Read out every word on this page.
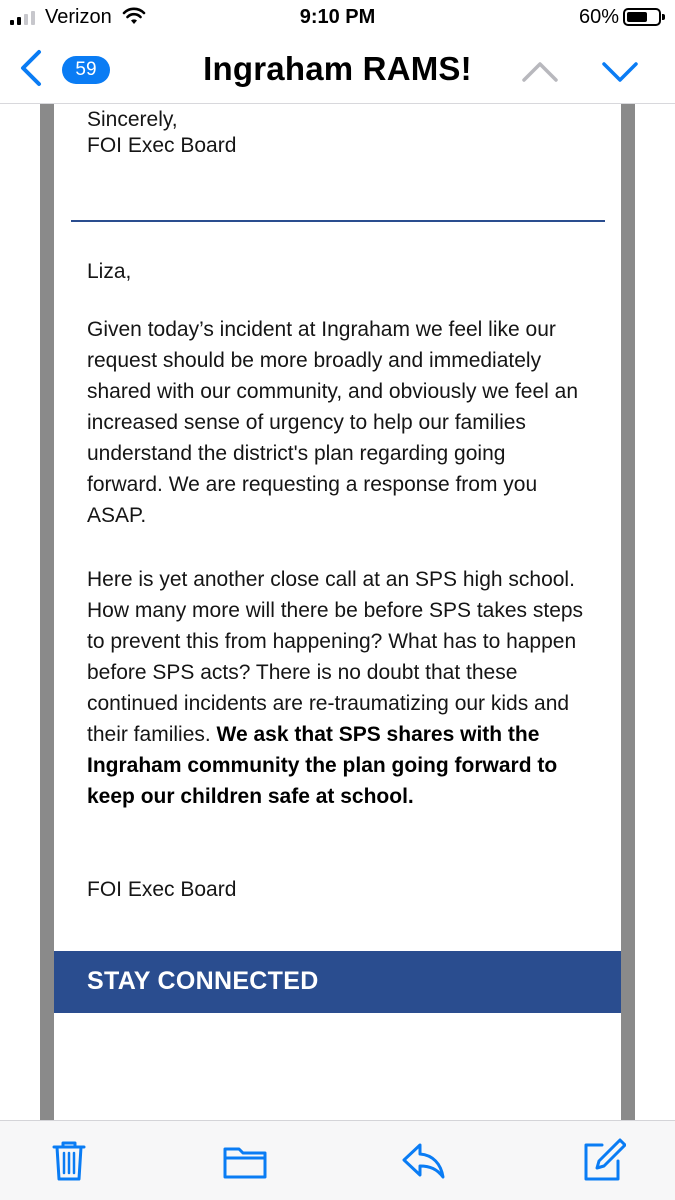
Verizon	9:10 PM	60%
59	Ingraham RAMS!
Sincerely,
FOI Exec Board
Liza,
Given today’s incident at Ingraham we feel like our request should be more broadly and immediately shared with our community, and obviously we feel an increased sense of urgency to help our families understand the district's plan regarding going forward. We are requesting a response from you ASAP.
Here is yet another close call at an SPS high school. How many more will there be before SPS takes steps to prevent this from happening? What has to happen before SPS acts? There is no doubt that these continued incidents are re-traumatizing our kids and their families. We ask that SPS shares with the Ingraham community the plan going forward to keep our children safe at school.
FOI Exec Board
STAY CONNECTED
